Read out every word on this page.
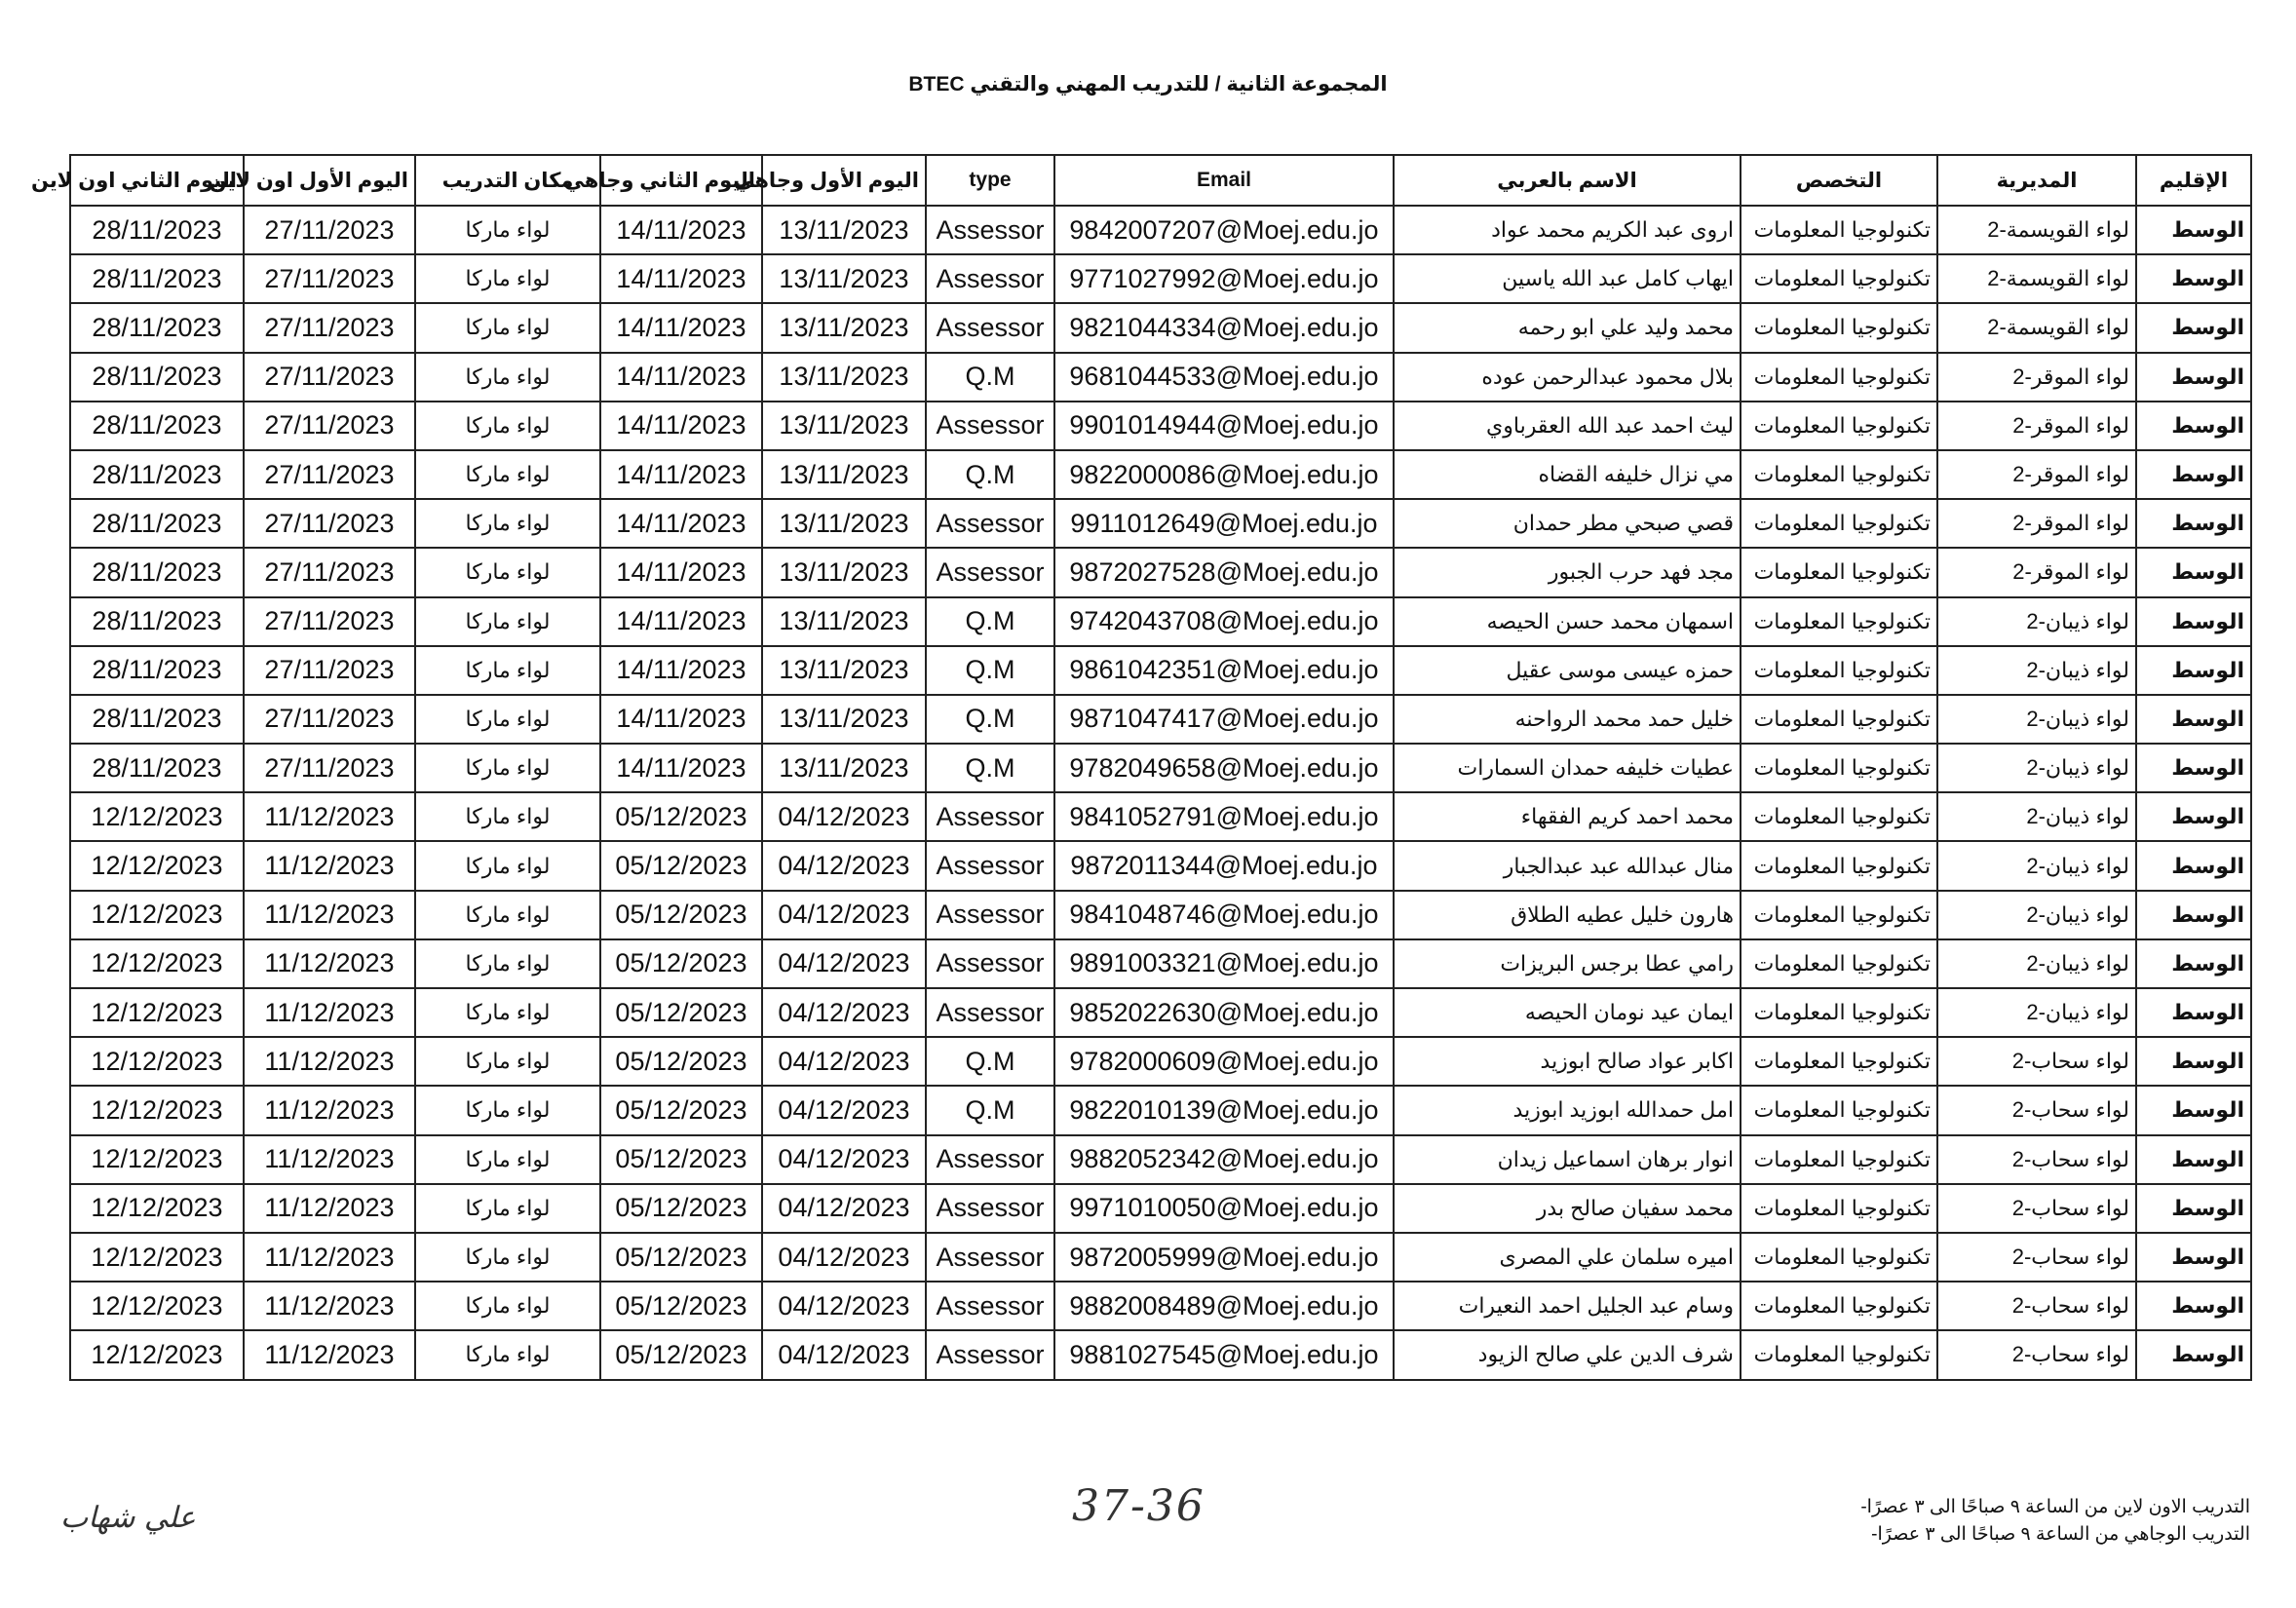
المجموعة الثانية / للتدريب المهني والتقني BTEC
الإقليم	المديرية	التخصص	الاسم بالعربي	Email	type	اليوم الأول وجاهي	اليوم الثاني وجاهي	مكان التدريب	اليوم الأول اون لاين	اليوم الثاني اون لاين
الوسط	لواء القويسمة-2	تكنولوجيا المعلومات	اروى عبد الكريم محمد عواد	9842007207@Moej.edu.jo	Assessor	13/11/2023	14/11/2023	لواء ماركا	27/11/2023	28/11/2023
الوسط	لواء القويسمة-2	تكنولوجيا المعلومات	ايهاب كامل عبد الله ياسين	9771027992@Moej.edu.jo	Assessor	13/11/2023	14/11/2023	لواء ماركا	27/11/2023	28/11/2023
الوسط	لواء القويسمة-2	تكنولوجيا المعلومات	محمد وليد علي ابو رحمه	9821044334@Moej.edu.jo	Assessor	13/11/2023	14/11/2023	لواء ماركا	27/11/2023	28/11/2023
الوسط	لواء الموقر-2	تكنولوجيا المعلومات	بلال محمود عبدالرحمن عوده	9681044533@Moej.edu.jo	Q.M	13/11/2023	14/11/2023	لواء ماركا	27/11/2023	28/11/2023
الوسط	لواء الموقر-2	تكنولوجيا المعلومات	ليث احمد عبد الله العقرباوي	9901014944@Moej.edu.jo	Assessor	13/11/2023	14/11/2023	لواء ماركا	27/11/2023	28/11/2023
الوسط	لواء الموقر-2	تكنولوجيا المعلومات	مي نزال خليفه القضاه	9822000086@Moej.edu.jo	Q.M	13/11/2023	14/11/2023	لواء ماركا	27/11/2023	28/11/2023
الوسط	لواء الموقر-2	تكنولوجيا المعلومات	قصي صبحي مطر حمدان	9911012649@Moej.edu.jo	Assessor	13/11/2023	14/11/2023	لواء ماركا	27/11/2023	28/11/2023
الوسط	لواء الموقر-2	تكنولوجيا المعلومات	مجد فهد حرب الجبور	9872027528@Moej.edu.jo	Assessor	13/11/2023	14/11/2023	لواء ماركا	27/11/2023	28/11/2023
الوسط	لواء ذيبان-2	تكنولوجيا المعلومات	اسمهان محمد حسن الحيصه	9742043708@Moej.edu.jo	Q.M	13/11/2023	14/11/2023	لواء ماركا	27/11/2023	28/11/2023
الوسط	لواء ذيبان-2	تكنولوجيا المعلومات	حمزه عيسى موسى عقيل	9861042351@Moej.edu.jo	Q.M	13/11/2023	14/11/2023	لواء ماركا	27/11/2023	28/11/2023
الوسط	لواء ذيبان-2	تكنولوجيا المعلومات	خليل حمد محمد الرواحنه	9871047417@Moej.edu.jo	Q.M	13/11/2023	14/11/2023	لواء ماركا	27/11/2023	28/11/2023
الوسط	لواء ذيبان-2	تكنولوجيا المعلومات	عطيات خليفه حمدان السمارات	9782049658@Moej.edu.jo	Q.M	13/11/2023	14/11/2023	لواء ماركا	27/11/2023	28/11/2023
الوسط	لواء ذيبان-2	تكنولوجيا المعلومات	محمد احمد كريم الفقهاء	9841052791@Moej.edu.jo	Assessor	04/12/2023	05/12/2023	لواء ماركا	11/12/2023	12/12/2023
الوسط	لواء ذيبان-2	تكنولوجيا المعلومات	منال عبدالله عبد عبدالجبار	9872011344@Moej.edu.jo	Assessor	04/12/2023	05/12/2023	لواء ماركا	11/12/2023	12/12/2023
الوسط	لواء ذيبان-2	تكنولوجيا المعلومات	هارون خليل عطيه الطلاق	9841048746@Moej.edu.jo	Assessor	04/12/2023	05/12/2023	لواء ماركا	11/12/2023	12/12/2023
الوسط	لواء ذيبان-2	تكنولوجيا المعلومات	رامي عطا برجس البريزات	9891003321@Moej.edu.jo	Assessor	04/12/2023	05/12/2023	لواء ماركا	11/12/2023	12/12/2023
الوسط	لواء ذيبان-2	تكنولوجيا المعلومات	ايمان عيد نومان الحيصه	9852022630@Moej.edu.jo	Assessor	04/12/2023	05/12/2023	لواء ماركا	11/12/2023	12/12/2023
الوسط	لواء سحاب-2	تكنولوجيا المعلومات	اكابر عواد صالح ابوزيد	9782000609@Moej.edu.jo	Q.M	04/12/2023	05/12/2023	لواء ماركا	11/12/2023	12/12/2023
الوسط	لواء سحاب-2	تكنولوجيا المعلومات	امل حمدالله ابوزيد ابوزيد	9822010139@Moej.edu.jo	Q.M	04/12/2023	05/12/2023	لواء ماركا	11/12/2023	12/12/2023
الوسط	لواء سحاب-2	تكنولوجيا المعلومات	انوار برهان اسماعيل زيدان	9882052342@Moej.edu.jo	Assessor	04/12/2023	05/12/2023	لواء ماركا	11/12/2023	12/12/2023
الوسط	لواء سحاب-2	تكنولوجيا المعلومات	محمد سفيان صالح بدر	9971010050@Moej.edu.jo	Assessor	04/12/2023	05/12/2023	لواء ماركا	11/12/2023	12/12/2023
الوسط	لواء سحاب-2	تكنولوجيا المعلومات	اميره سلمان علي المصرى	9872005999@Moej.edu.jo	Assessor	04/12/2023	05/12/2023	لواء ماركا	11/12/2023	12/12/2023
الوسط	لواء سحاب-2	تكنولوجيا المعلومات	وسام عبد الجليل احمد النعيرات	9882008489@Moej.edu.jo	Assessor	04/12/2023	05/12/2023	لواء ماركا	11/12/2023	12/12/2023
الوسط	لواء سحاب-2	تكنولوجيا المعلومات	شرف الدين علي صالح الزيود	9881027545@Moej.edu.jo	Assessor	04/12/2023	05/12/2023	لواء ماركا	11/12/2023	12/12/2023
37-36
علي شهاب	التدريب الاون لاين من الساعة ٩ صباحًا الى ٣ عصرًا-
التدريب الوجاهي من الساعة ٩ صباحًا الى ٣ عصرًا-
